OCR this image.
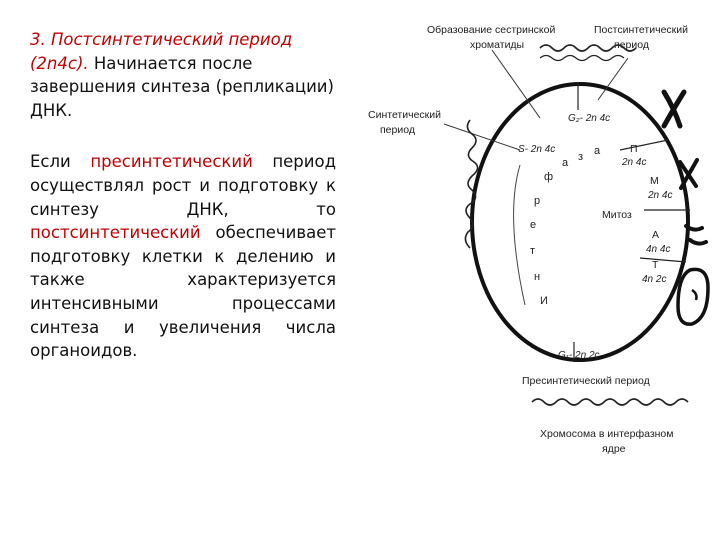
3. Постсинтетический период (2n4c). Начинается после завершения синтеза (репликации) ДНК.

Если пресинтетический период осуществлял рост и подготовку к синтезу ДНК, то постсинтетический обеспечивает подготовку клетки к делению и также характеризуется интенсивными процессами синтеза и увеличения числа органоидов.

Образование сестринской
хроматиды
Постсинтетический
период
Синтетический
период
G₂- 2n 4c
S- 2n 4c	П
2n 4c
М
2n 4c
Митоз
А
4n 4c
Т
4n 2c
G₁- 2n 2c
Пресинтетический период
Хромосома в интерфазном
ядре
а
з
а
ф
р
е
т
н
И
